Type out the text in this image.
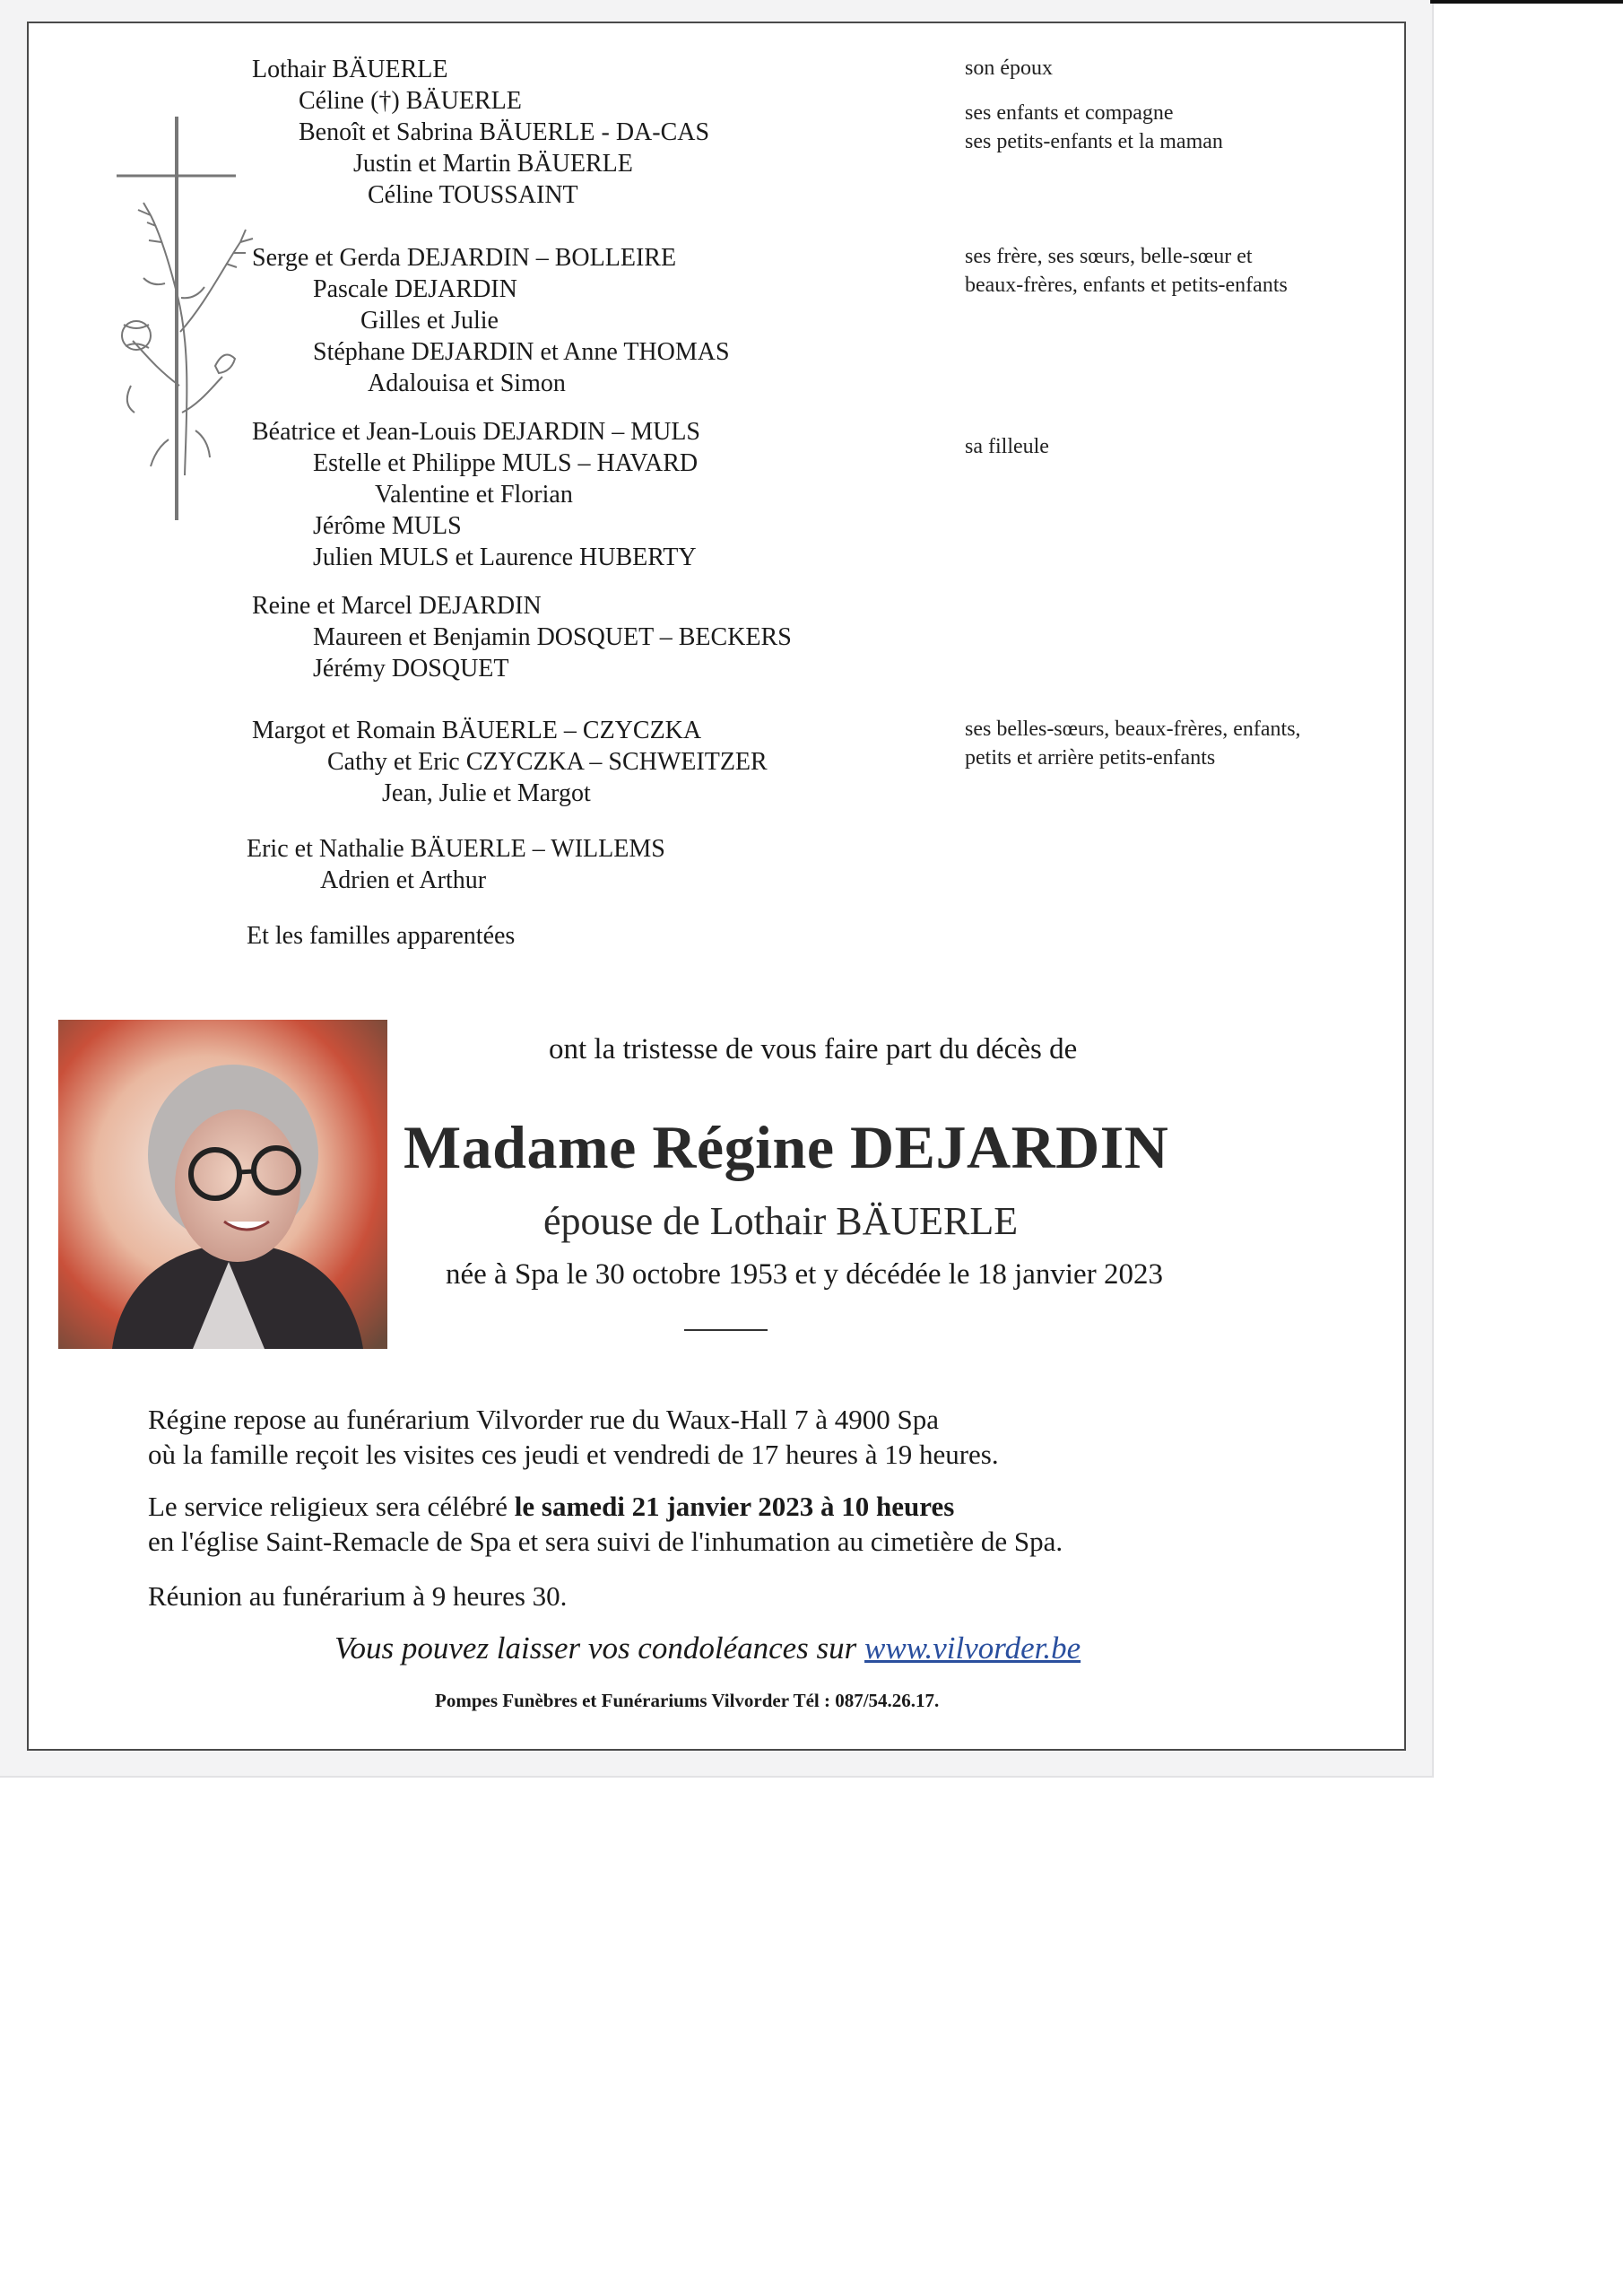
Lothair BÄUERLE
Céline (†) BÄUERLE
Benoît et Sabrina BÄUERLE - DA-CAS
Justin et Martin BÄUERLE
Céline TOUSSAINT
Serge et Gerda DEJARDIN – BOLLEIRE
Pascale DEJARDIN
Gilles et Julie
Stéphane DEJARDIN et Anne THOMAS
Adalouisa et Simon
Béatrice et Jean-Louis DEJARDIN – MULS
Estelle et Philippe MULS – HAVARD
Valentine et Florian
Jérôme MULS
Julien MULS et Laurence HUBERTY
Reine et Marcel DEJARDIN
Maureen et Benjamin DOSQUET – BECKERS
Jérémy DOSQUET
Margot et Romain BÄUERLE – CZYCZKA
Cathy et Eric CZYCZKA – SCHWEITZER
Jean, Julie et Margot
Eric et Nathalie BÄUERLE – WILLEMS
Adrien et Arthur
Et les familles apparentées
son époux
ses enfants et compagne
ses petits-enfants et la maman
ses frère, ses sœurs, belle-sœur et
beaux-frères, enfants et petits-enfants
sa filleule
ses belles-sœurs, beaux-frères, enfants,
petits et arrière petits-enfants
ont la tristesse de vous faire part du décès de
Madame Régine DEJARDIN
épouse de Lothair BÄUERLE
née à Spa le 30 octobre 1953 et y décédée le 18 janvier 2023
Régine repose au funérarium Vilvorder rue du Waux-Hall 7 à 4900 Spa
où la famille reçoit les visites ces jeudi et vendredi de 17 heures à 19 heures.
Le service religieux sera célébré le samedi 21 janvier 2023 à 10 heures
en l'église Saint-Remacle de Spa et sera suivi de l'inhumation au cimetière de Spa.
Réunion au funérarium à 9 heures 30.
Vous pouvez laisser vos condoléances sur www.vilvorder.be
Pompes Funèbres et Funérariums Vilvorder Tél : 087/54.26.17.
